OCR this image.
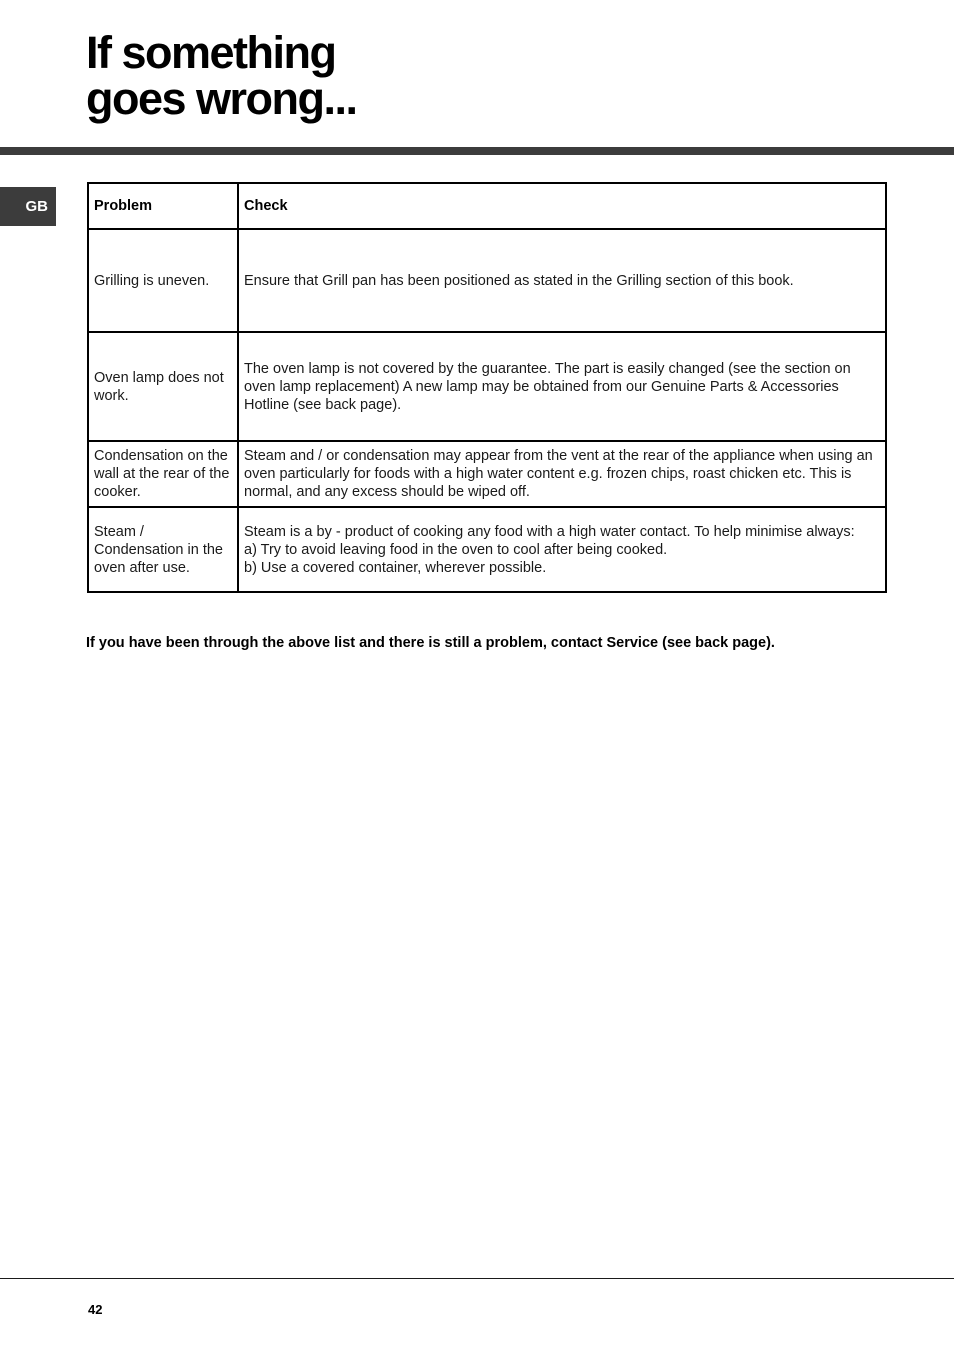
If something
goes wrong...
GB	Problem	Check
Grilling is uneven.	Ensure that Grill pan has been positioned as stated in the Grilling section of this book.

Oven lamp does not work.	The oven lamp is not covered by the guarantee. The part is easily changed (see the section on oven lamp replacement) A new lamp may be obtained from our Genuine Parts & Accessories Hotline (see back page).

Condensation on the wall at the rear of the cooker.	Steam and / or condensation may appear from the vent at the rear of the appliance when using an oven particularly for foods with a high water content e.g. frozen chips, roast chicken etc. This is normal, and any excess should be wiped off.

Steam / Condensation in the oven after use.	Steam is a by - product of cooking any food with a high water contact. To help minimise always:
a) Try to avoid leaving food in the oven to cool after being cooked.
b) Use a covered container, wherever possible.

If you have been through the above list and there is still a problem, contact Service (see back page).

42
